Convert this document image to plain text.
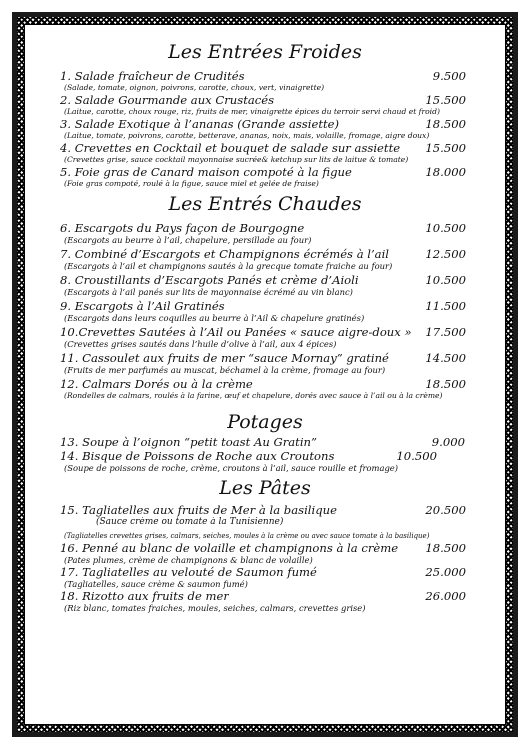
Les Entrées Froides
1. Salade fraîcheur de Crudités	9.500
(Salade, tomate, oignon, poivrons, carotte, choux, vert, vinaigrette)
2. Salade Gourmande aux Crustacés	15.500
(Laitue, carotte, choux rouge, riz, fruits de mer, vinaigrette épices du terroir servi chaud et froid)
3. Salade Exotique à l’ananas (Grande assiette)	18.500
(Laitue, tomate, poivrons, carotte, betterave, ananas, noix, mais, volaille, fromage, aigre doux)
4. Crevettes en Cocktail et bouquet de salade sur assiette 15.500
(Crevettes grise, sauce cocktail mayonnaise sucrée& ketchup sur lits de laitue & tomate)
5. Foie gras de Canard maison compoté à la figue	18.000
(Foie gras compoté, roulé à la figue, sauce miel et gelée de fraise)
Les Entrés Chaudes
6. Escargots du Pays façon de Bourgogne	10.500
(Escargots au beurre à l’ail, chapelure, persillade au four)
7. Combiné d’Escargots et Champignons écrémés à l’ail	12.500
(Escargots à l’ail et champignons sautés à la grecque tomate fraiche au four)
8. Croustillants d’Escargots Panés et crème d’Aioli	10.500
(Escargots à l’ail panés sur lits de mayonnaise écrémé au vin blanc)
9. Escargots à l’Ail Gratinés	11.500
(Escargots dans leurs coquilles au beurre à l’Ail & chapelure gratinés)
10.Crevettes Sautées à l’Ail ou Panées « sauce aigre-doux » 17.500
(Crevettes grises sautés dans l’huile d’olive à l’ail, aux 4 épices)
11. Cassoulet aux fruits de mer “sauce Mornay” gratiné	14.500
(Fruits de mer parfumés au muscat, béchamel à la crème, fromage au four)
12. Calmars Dorés ou à la crème	18.500
(Rondelles de calmars, roulés à la farine, œuf et chapelure, dorés avec sauce à l’ail ou à la crème)
Potages
13. Soupe à l’oignon “petit toast Au Gratin”	9.000
14. Bisque de Poissons de Roche aux Croutons	10.500
(Soupe de poissons de roche, crème, croutons à l’ail, sauce rouille et fromage)
Les Pâtes
15. Tagliatelles aux fruits de Mer à la basilique	20.500
(Sauce crème ou tomate à la Tunisienne)
(Tagliatelles crevettes grises, calmars, seiches, moules à la crème ou avec sauce tomate à la basilique)
16. Penné au blanc de volaille et champignons à la crème 18.500
(Pates plumes, crème de champignons & blanc de volaille)
17. Tagliatelles au velouté de Saumon fumé	25.000
(Tagliatelles, sauce crème & saumon fumé)
18. Rizotto aux fruits de mer	26.000
(Riz blanc, tomates fraiches, moules, seiches, calmars, crevettes grise)
